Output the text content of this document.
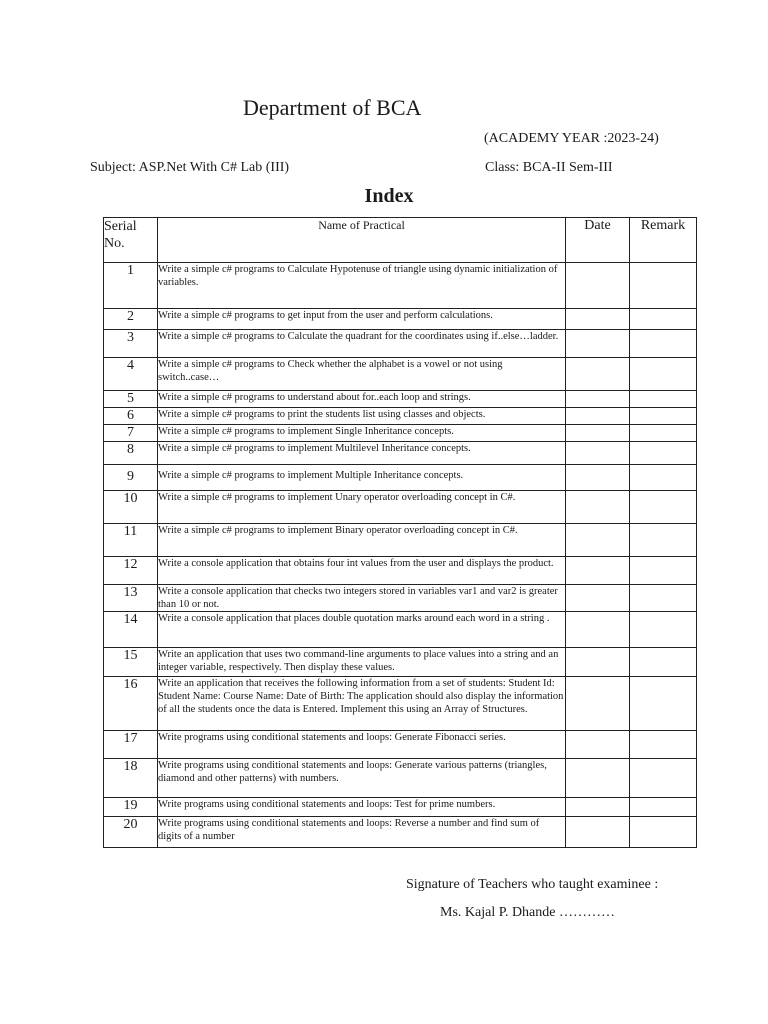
Department of BCA
(ACADEMY YEAR :2023-24)
Subject: ASP.Net With C# Lab (III)	Class: BCA-II Sem-III
Index
Serial No.	Name of Practical	Date	Remark
1	Write a simple c# programs to Calculate Hypotenuse of triangle using dynamic initialization of variables.		
2	Write a simple c# programs to get input from the user and perform calculations.		
3	Write a simple c# programs to Calculate the quadrant for the coordinates using if..else…ladder.		
4	Write a simple c# programs to Check whether the alphabet is a vowel or not using switch..case…		
5	Write a simple c# programs to understand about for..each loop and strings.		
6	Write a simple c# programs to print the students list using classes and objects.		
7	Write a simple c# programs to implement Single Inheritance concepts.		
8	Write a simple c# programs to implement Multilevel Inheritance concepts.		
9	Write a simple c# programs to implement Multiple Inheritance concepts.		
10	Write a simple c# programs to implement Unary operator overloading concept in C#.		
11	Write a simple c# programs to implement Binary operator overloading concept in C#.		
12	Write a console application that obtains four int values from the user and displays the product.		
13	Write a console application that checks two integers stored in variables var1 and var2 is greater than 10 or not.		
14	Write a console application that places double quotation marks around each word in a string .		
15	Write an application that uses two command-line arguments to place values into a string and an integer variable, respectively. Then display these values.		
16	Write an application that receives the following information from a set of students: Student Id: Student Name: Course Name: Date of Birth: The application should also display the information of all the students once the data is Entered. Implement this using an Array of Structures.		
17	Write programs using conditional statements and loops: Generate Fibonacci series.		
18	Write programs using conditional statements and loops: Generate various patterns (triangles, diamond and other patterns) with numbers.		
19	Write programs using conditional statements and loops: Test for prime numbers.		
20	Write programs using conditional statements and loops: Reverse a number and find sum of digits of a number		
Signature of Teachers who taught examinee :
Ms. Kajal P. Dhande …………
